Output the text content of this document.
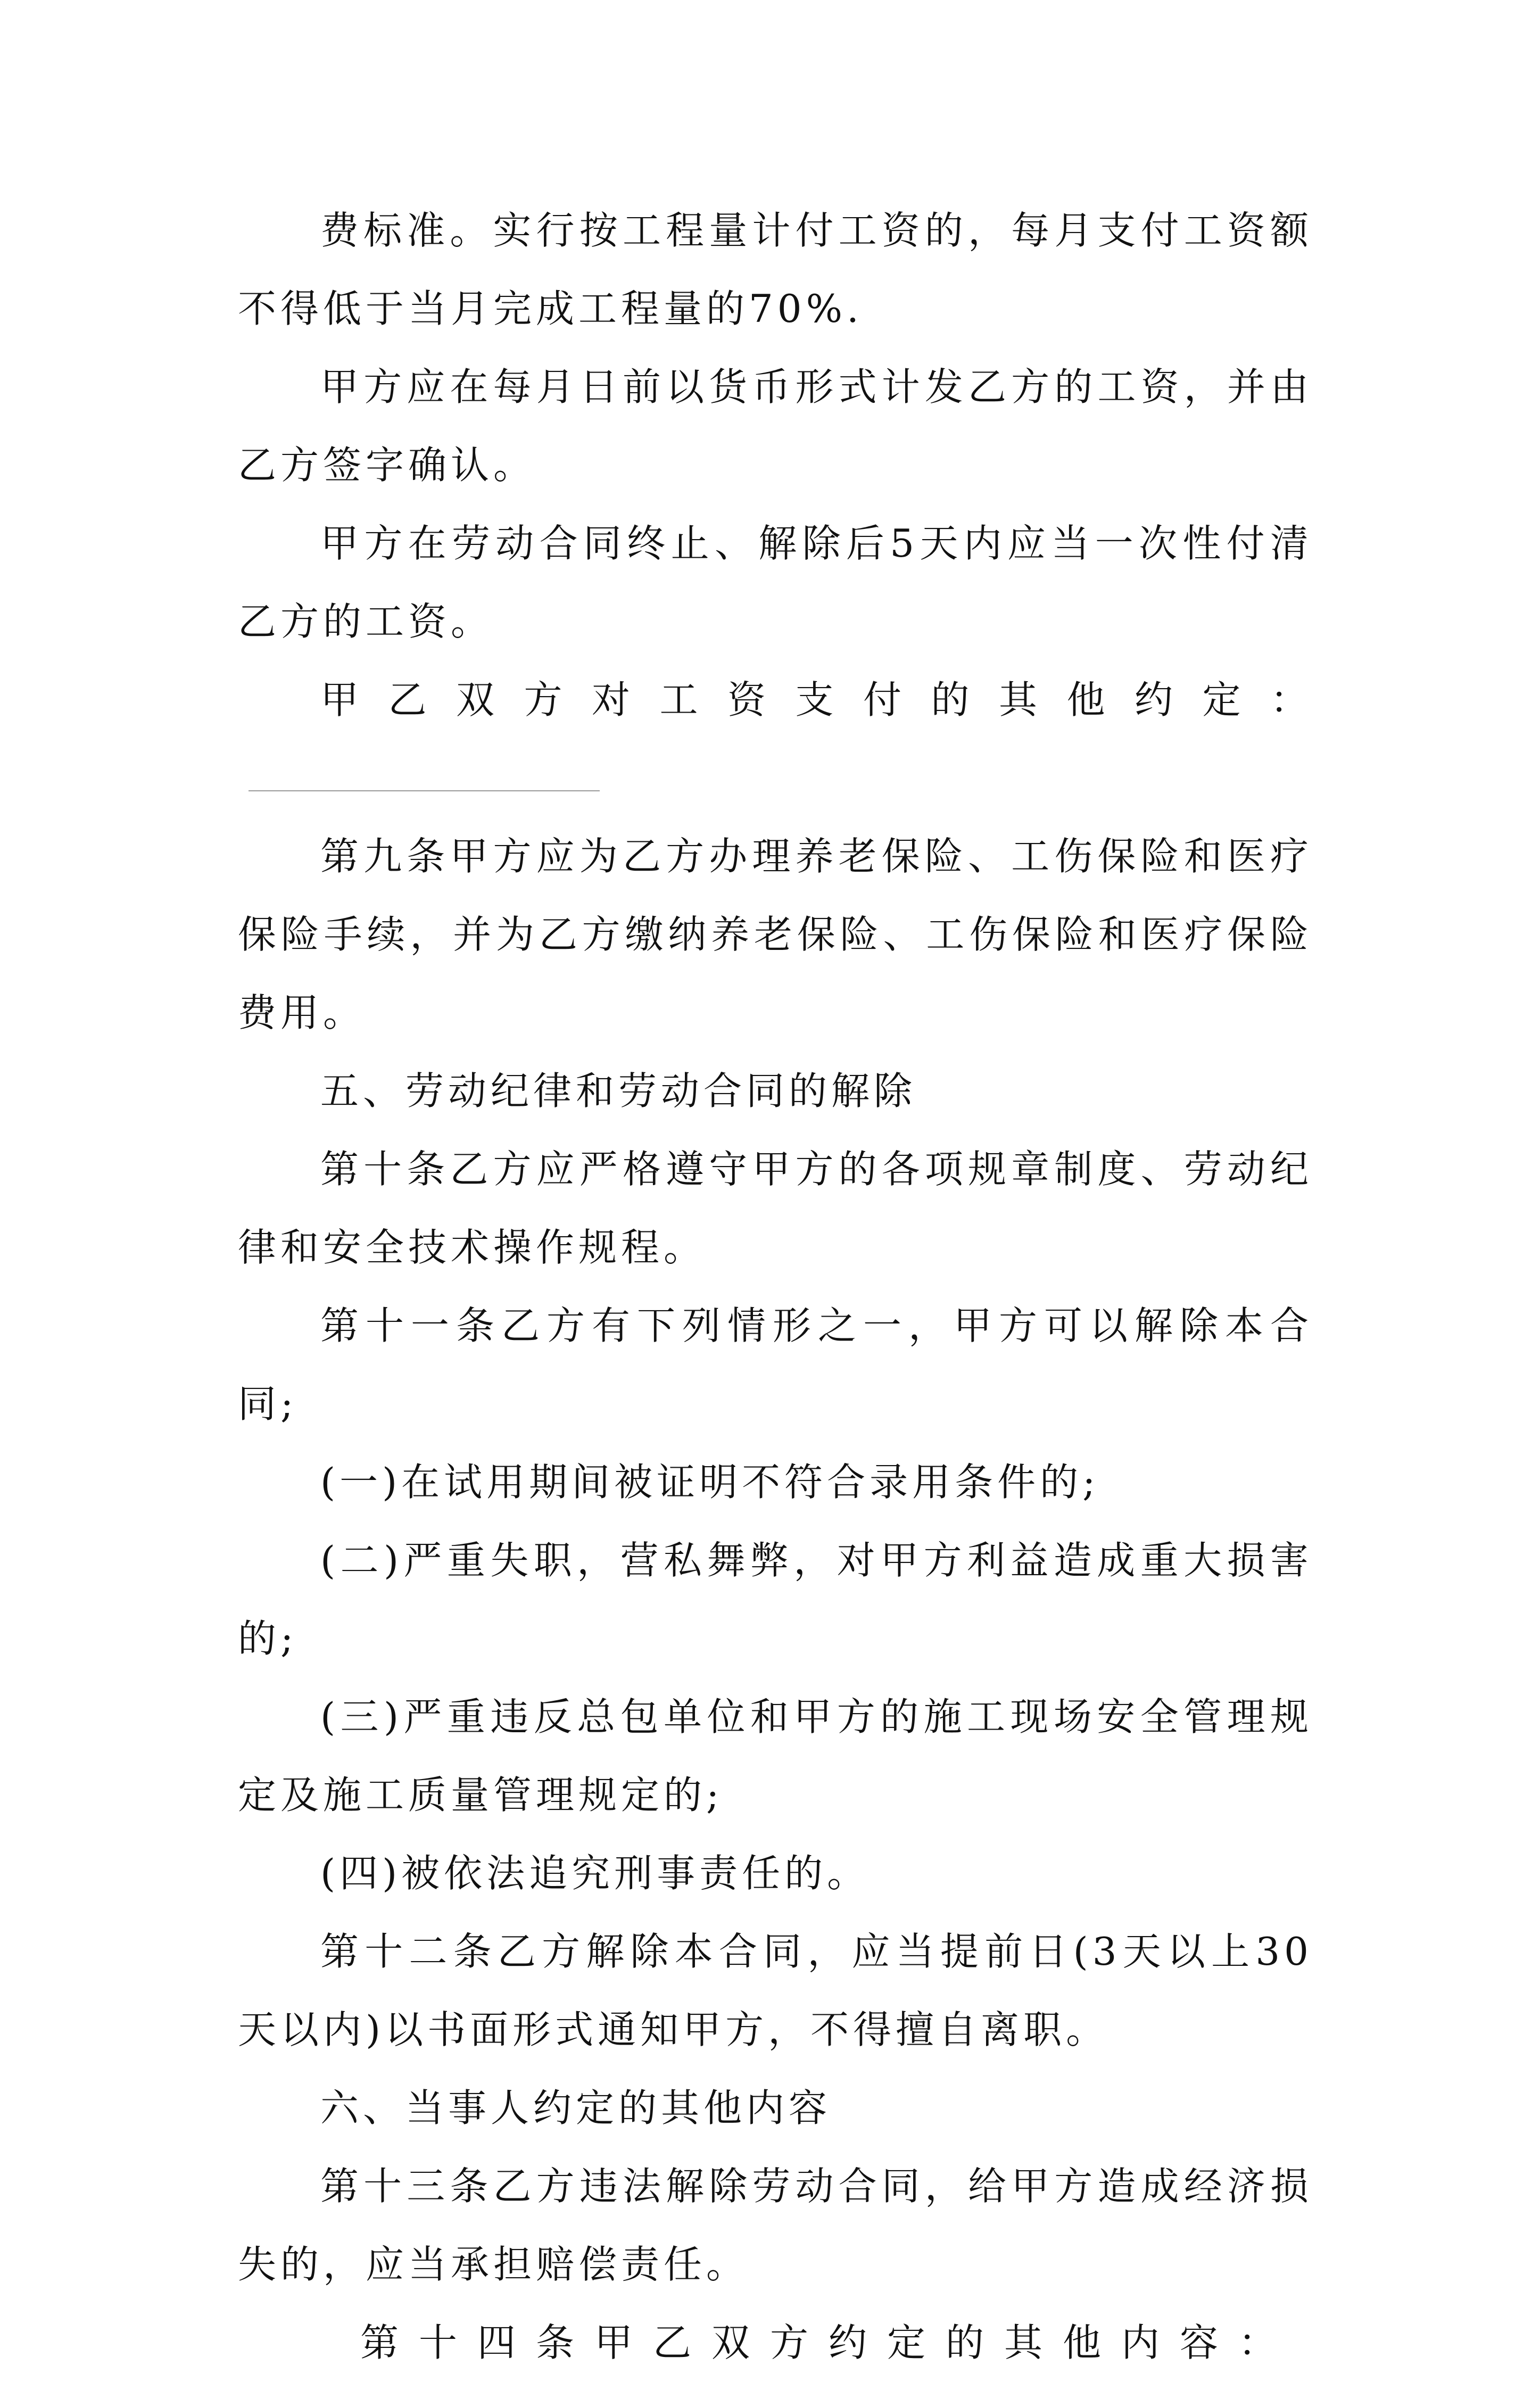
费标准。实行按工程量计付工资的，每月支付工资额不得低于当月完成工程量的70%.

甲方应在每月日前以货币形式计发乙方的工资，并由乙方签字确认。

甲方在劳动合同终止、解除后5天内应当一次性付清乙方的工资。

甲乙双方对工资支付的其他约定：

第九条甲方应为乙方办理养老保险、工伤保险和医疗保险手续，并为乙方缴纳养老保险、工伤保险和医疗保险费用。

五、劳动纪律和劳动合同的解除

第十条乙方应严格遵守甲方的各项规章制度、劳动纪律和安全技术操作规程。

第十一条乙方有下列情形之一，甲方可以解除本合同;

(一)在试用期间被证明不符合录用条件的;

(二)严重失职，营私舞弊，对甲方利益造成重大损害的;

(三)严重违反总包单位和甲方的施工现场安全管理规定及施工质量管理规定的;

(四)被依法追究刑事责任的。

第十二条乙方解除本合同，应当提前日(3天以上30天以内)以书面形式通知甲方，不得擅自离职。

六、当事人约定的其他内容

第十三条乙方违法解除劳动合同，给甲方造成经济损失的，应当承担赔偿责任。

第十四条甲乙双方约定的其他内容：
